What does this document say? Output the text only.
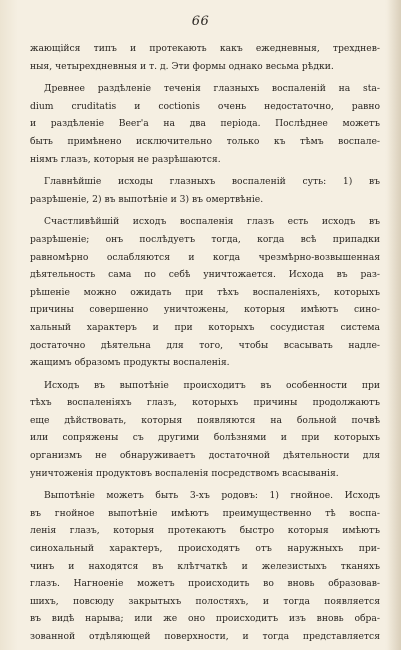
66
жающійся типъ и протекають какъ ежедневныя, трехднев-
ныя, четырехдневныя и т. д. Эти формы однако весьма рѣдки.
Древнее раздѣленіе теченія глазныхъ воспаленій на sta-
dium cruditatis и coctionis очень недостаточно, равно
и раздѣленіе Beer'a на два періода. Послѣднее можетъ
быть примѣнено исключительно только къ тѣмъ воспале-
ніямъ глазъ, которыя не разрѣшаются.
Главнѣйшіе исходы глазныхъ воспаленій суть: 1) въ
разрѣшеніе, 2) въ выпотѣніе и 3) въ омертвѣніе.
Счастливѣйшій исходъ воспаленія глазъ есть исходъ въ
разрѣшеніе; онъ послѣдуетъ тогда, когда всѣ припадки
равномѣрно ослабляются и когда чрезмѣрно-возвышенная
дѣятельность сама по себѣ уничтожается. Исхода въ раз-
рѣшеніе можно ожидать при тѣхъ воспаленіяхъ, которыхъ
причины совершенно уничтожены, которыя имѣютъ сино-
хальный характеръ и при которыхъ сосудистая система
достаточно дѣятельна для того, чтобы всасывать надле-
жащимъ образомъ продукты воспаленія.
Исходъ въ выпотѣніе происходитъ въ особенности при
тѣхъ воспаленіяхъ глазъ, которыхъ причины продолжаютъ
еще дѣйствовать, которыя появляются на больной почвѣ
или сопряжены съ другими болѣзнями и при которыхъ
организмъ не обнаруживаетъ достаточной дѣятельности для
уничтоженія продуктовъ воспаленія посредствомъ всасыванія.
Выпотѣніе можетъ быть 3-хъ родовъ: 1) гнойное. Исходъ
въ гнойное выпотѣніе имѣютъ преимущественно тѣ воспа-
ленія глазъ, которыя протекаютъ быстро которыя имѣютъ
синохальный характеръ, происходятъ отъ наружныхъ при-
чинъ и находятся въ клѣтчаткѣ и железистыхъ тканяхъ
глазъ. Нагноеніе можетъ происходить во вновь образовав-
шихъ, повсюду закрытыхъ полостяхъ, и тогда появляется
въ видѣ нарыва; или же оно происходитъ изъ вновь обра-
зованной отдѣляющей поверхности, и тогда представляется
